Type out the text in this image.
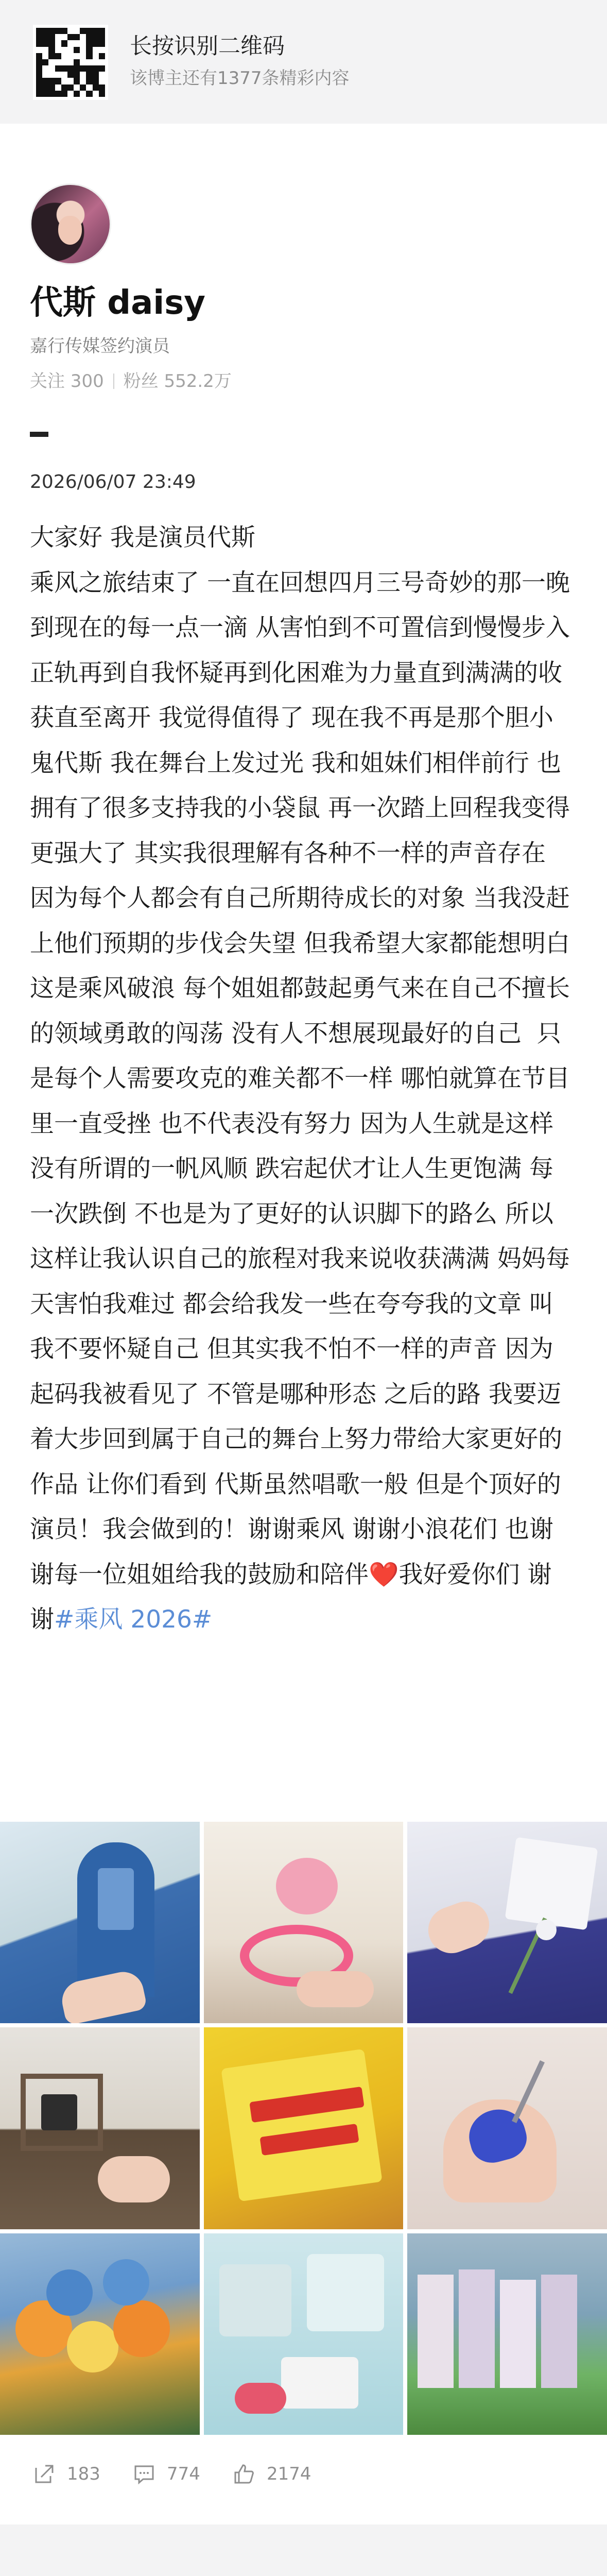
长按识别二维码
该博主还有1377条精彩内容
代斯 daisy
嘉行传媒签约演员
关注 300 粉丝 552.2万
2026/06/07 23:49
大家好 我是演员代斯
乘风之旅结束了 一直在回想四月三号奇妙的那一晚到现在的每一点一滴 从害怕到不可置信到慢慢步入正轨再到自我怀疑再到化困难为力量直到满满的收获直至离开 我觉得值得了 现在我不再是那个胆小鬼代斯 我在舞台上发过光 我和姐妹们相伴前行 也拥有了很多支持我的小袋鼠 再一次踏上回程我变得更强大了 其实我很理解有各种不一样的声音存在 因为每个人都会有自己所期待成长的对象 当我没赶上他们预期的步伐会失望 但我希望大家都能想明白 这是乘风破浪 每个姐姐都鼓起勇气来在自己不擅长的领域勇敢的闯荡 没有人不想展现最好的自己  只是每个人需要攻克的难关都不一样 哪怕就算在节目里一直受挫 也不代表没有努力 因为人生就是这样 没有所谓的一帆风顺 跌宕起伏才让人生更饱满 每一次跌倒 不也是为了更好的认识脚下的路么 所以这样让我认识自己的旅程对我来说收获满满 妈妈每天害怕我难过 都会给我发一些在夸夸我的文章 叫我不要怀疑自己 但其实我不怕不一样的声音 因为起码我被看见了 不管是哪种形态 之后的路 我要迈着大步回到属于自己的舞台上努力带给大家更好的作品 让你们看到 代斯虽然唱歌一般 但是个顶好的演员！我会做到的！谢谢乘风 谢谢小浪花们 也谢谢每一位姐姐给我的鼓励和陪伴❤️我好爱你们 谢谢#乘风 2026#
183	774	2174
